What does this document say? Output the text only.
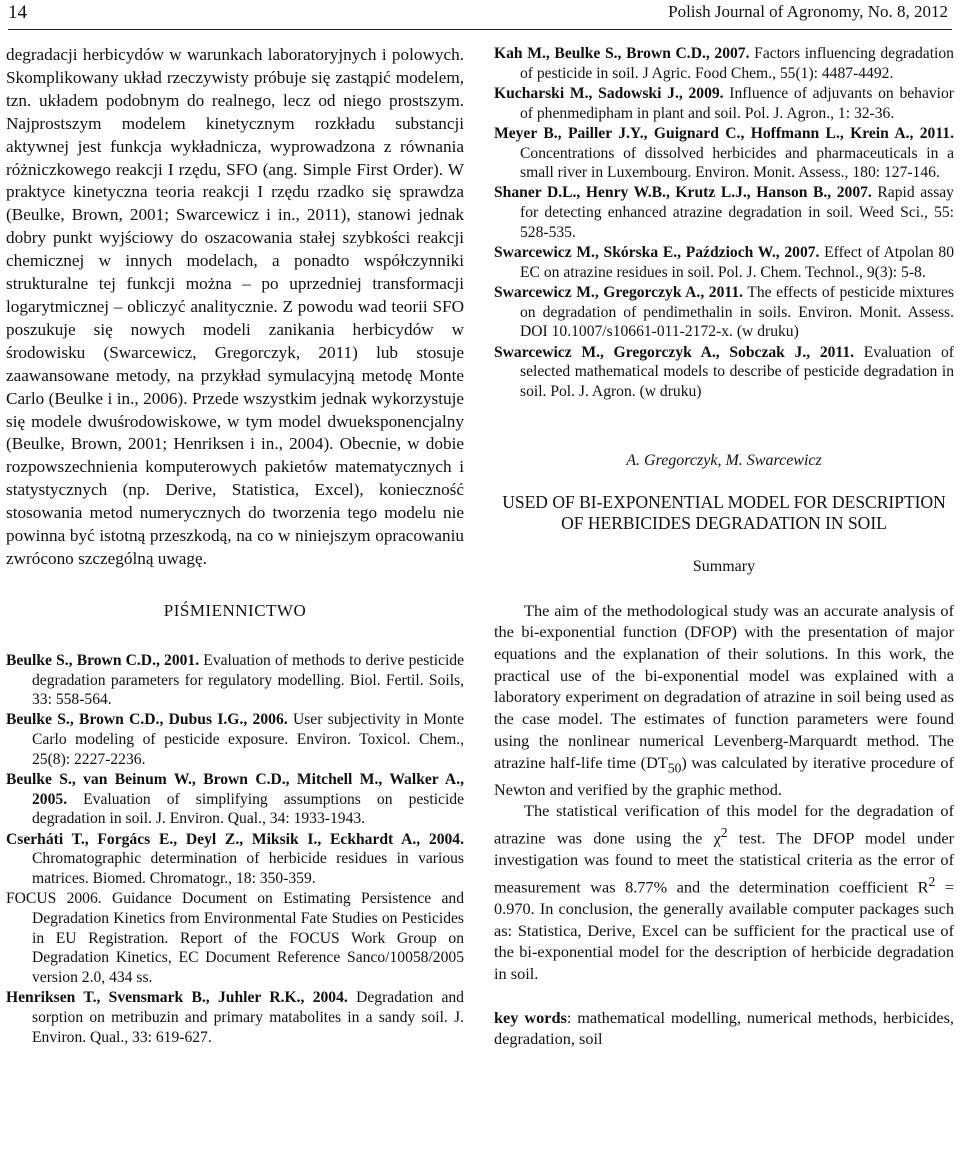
14	Polish Journal of Agronomy, No. 8, 2012

degradacji herbicydów w warunkach laboratoryjnych i polowych. Skomplikowany układ rzeczywisty próbuje się zastąpić modelem, tzn. układem podobnym do realnego, lecz od niego prostszym. Najprostszym modelem kinetycznym rozkładu substancji aktywnej jest funkcja wykładnicza, wyprowadzona z równania różniczkowego reakcji I rzędu, SFO (ang. Simple First Order). W praktyce kinetyczna teoria reakcji I rzędu rzadko się sprawdza (Beulke, Brown, 2001; Swarcewicz i in., 2011), stanowi jednak dobry punkt wyjściowy do oszacowania stałej szybkości reakcji chemicznej w innych modelach, a ponadto współczynniki strukturalne tej funkcji można – po uprzedniej transformacji logarytmicznej – obliczyć analitycznie. Z powodu wad teorii SFO poszukuje się nowych modeli zanikania herbicydów w środowisku (Swarcewicz, Gregorczyk, 2011) lub stosuje zaawansowane metody, na przykład symulacyjną metodę Monte Carlo (Beulke i in., 2006). Przede wszystkim jednak wykorzystuje się modele dwuśrodowiskowe, w tym model dwueksponencjalny (Beulke, Brown, 2001; Henriksen i in., 2004). Obecnie, w dobie rozpowszechnienia komputerowych pakietów matematycznych i statystycznych (np. Derive, Statistica, Excel), konieczność stosowania metod numerycznych do tworzenia tego modelu nie powinna być istotną przeszkodą, na co w niniejszym opracowaniu zwrócono szczególną uwagę.

PIŚMIENNICTWO

Beulke S., Brown C.D., 2001. Evaluation of methods to derive pesticide degradation parameters for regulatory modelling. Biol. Fertil. Soils, 33: 558-564.

Beulke S., Brown C.D., Dubus I.G., 2006. User subjectivity in Monte Carlo modeling of pesticide exposure. Environ. Toxicol. Chem., 25(8): 2227-2236.

Beulke S., van Beinum W., Brown C.D., Mitchell M., Walker A., 2005. Evaluation of simplifying assumptions on pesticide degradation in soil. J. Environ. Qual., 34: 1933-1943.

Cserháti T., Forgács E., Deyl Z., Miksik I., Eckhardt A., 2004. Chromatographic determination of herbicide residues in various matrices. Biomed. Chromatogr., 18: 350-359.

FOCUS 2006. Guidance Document on Estimating Persistence and Degradation Kinetics from Environmental Fate Studies on Pesticides in EU Registration. Report of the FOCUS Work Group on Degradation Kinetics, EC Document Reference Sanco/10058/2005 version 2.0, 434 ss.

Henriksen T., Svensmark B., Juhler R.K., 2004. Degradation and sorption on metribuzin and primary matabolites in a sandy soil. J. Environ. Qual., 33: 619-627.

Kah M., Beulke S., Brown C.D., 2007. Factors influencing degradation of pesticide in soil. J Agric. Food Chem., 55(1): 4487-4492.

Kucharski M., Sadowski J., 2009. Influence of adjuvants on behavior of phenmedipham in plant and soil. Pol. J. Agron., 1: 32-36.

Meyer B., Pailler J.Y., Guignard C., Hoffmann L., Krein A., 2011. Concentrations of dissolved herbicides and pharmaceuticals in a small river in Luxembourg. Environ. Monit. Assess., 180: 127-146.

Shaner D.L., Henry W.B., Krutz L.J., Hanson B., 2007. Rapid assay for detecting enhanced atrazine degradation in soil. Weed Sci., 55: 528-535.

Swarcewicz M., Skórska E., Paździoch W., 2007. Effect of Atpolan 80 EC on atrazine residues in soil. Pol. J. Chem. Technol., 9(3): 5-8.

Swarcewicz M., Gregorczyk A., 2011. The effects of pesticide mixtures on degradation of pendimethalin in soils. Environ. Monit. Assess. DOI 10.1007/s10661-011-2172-x. (w druku)

Swarcewicz M., Gregorczyk A., Sobczak J., 2011. Evaluation of selected mathematical models to describe of pesticide degradation in soil. Pol. J. Agron. (w druku)

A. Gregorczyk, M. Swarcewicz
USED OF BI-EXPONENTIAL MODEL FOR DESCRIPTION OF HERBICIDES DEGRADATION IN SOIL
Summary

The aim of the methodological study was an accurate analysis of the bi-exponential function (DFOP) with the presentation of major equations and the explanation of their solutions. In this work, the practical use of the bi-exponential model was explained with a laboratory experiment on degradation of atrazine in soil being used as the case model. The estimates of function parameters were found using the nonlinear numerical Levenberg-Marquardt method. The atrazine half-life time $(DT_{50})$ was calculated by iterative procedure of Newton and verified by the graphic method.

The statistical verification of this model for the degradation of atrazine was done using the $\chi^2$ test. The DFOP model under investigation was found to meet the statistical criteria as the error of measurement was 8.77% and the determination coefficient $R^2 = 0.970$. In conclusion, the generally available computer packages such as: Statistica, Derive, Excel can be sufficient for the practical use of the bi-exponential model for the description of herbicide degradation in soil.

key words: mathematical modelling, numerical methods, herbicides, degradation, soil
